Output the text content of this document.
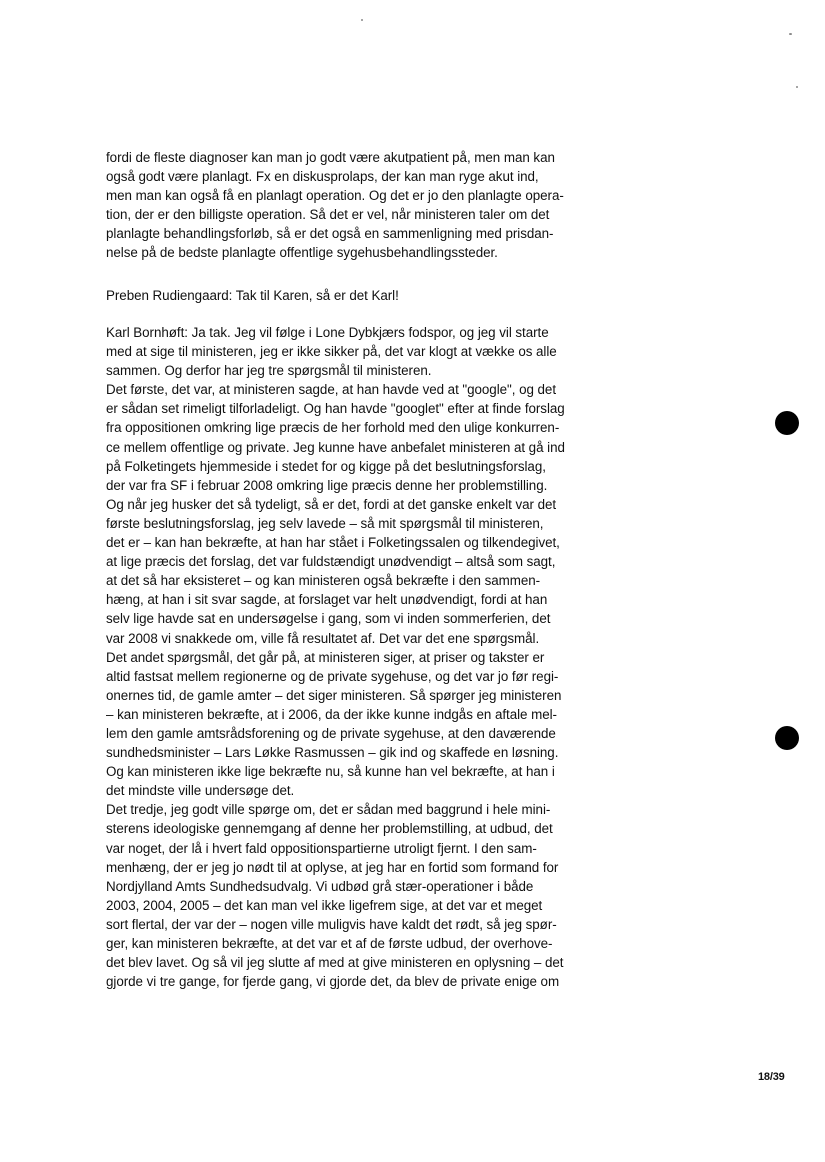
fordi de fleste diagnoser kan man jo godt være akutpatient på, men man kan
også godt være planlagt. Fx en diskusprolaps, der kan man ryge akut ind,
men man kan også få en planlagt operation. Og det er jo den planlagte opera-
tion, der er den billigste operation. Så det er vel, når ministeren taler om det
planlagte behandlingsforløb, så er det også en sammenligning med prisdan-
nelse på de bedste planlagte offentlige sygehusbehandlingssteder.
Preben Rudiengaard: Tak til Karen, så er det Karl!
Karl Bornhøft: Ja tak. Jeg vil følge i Lone Dybkjærs fodspor, og jeg vil starte
med at sige til ministeren, jeg er ikke sikker på, det var klogt at vække os alle
sammen. Og derfor har jeg tre spørgsmål til ministeren.
Det første, det var, at ministeren sagde, at han havde ved at "google", og det
er sådan set rimeligt tilforladeligt. Og han havde "googlet" efter at finde forslag
fra oppositionen omkring lige præcis de her forhold med den ulige konkurren-
ce mellem offentlige og private. Jeg kunne have anbefalet ministeren at gå ind
på Folketingets hjemmeside i stedet for og kigge på det beslutningsforslag,
der var fra SF i februar 2008 omkring lige præcis denne her problemstilling.
Og når jeg husker det så tydeligt, så er det, fordi at det ganske enkelt var det
første beslutningsforslag, jeg selv lavede – så mit spørgsmål til ministeren,
det er – kan han bekræfte, at han har stået i Folketingssalen og tilkendegivet,
at lige præcis det forslag, det var fuldstændigt unødvendigt – altså som sagt,
at det så har eksisteret – og kan ministeren også bekræfte i den sammen-
hæng, at han i sit svar sagde, at forslaget var helt unødvendigt, fordi at han
selv lige havde sat en undersøgelse i gang, som vi inden sommerferien, det
var 2008 vi snakkede om, ville få resultatet af. Det var det ene spørgsmål.
Det andet spørgsmål, det går på, at ministeren siger, at priser og takster er
altid fastsat mellem regionerne og de private sygehuse, og det var jo før regi-
onernes tid, de gamle amter – det siger ministeren. Så spørger jeg ministeren
– kan ministeren bekræfte, at i 2006, da der ikke kunne indgås en aftale mel-
lem den gamle amtsrådsforening og de private sygehuse, at den daværende
sundhedsminister – Lars Løkke Rasmussen – gik ind og skaffede en løsning.
Og kan ministeren ikke lige bekræfte nu, så kunne han vel bekræfte, at han i
det mindste ville undersøge det.
Det tredje, jeg godt ville spørge om, det er sådan med baggrund i hele mini-
sterens ideologiske gennemgang af denne her problemstilling, at udbud, det
var noget, der lå i hvert fald oppositionspartierne utroligt fjernt. I den sam-
menhæng, der er jeg jo nødt til at oplyse, at jeg har en fortid som formand for
Nordjylland Amts Sundhedsudvalg. Vi udbød grå stær-operationer i både
2003, 2004, 2005 – det kan man vel ikke ligefrem sige, at det var et meget
sort flertal, der var der – nogen ville muligvis have kaldt det rødt, så jeg spør-
ger, kan ministeren bekræfte, at det var et af de første udbud, der overhove-
det blev lavet. Og så vil jeg slutte af med at give ministeren en oplysning – det
gjorde vi tre gange, for fjerde gang, vi gjorde det, da blev de private enige om
18/39
